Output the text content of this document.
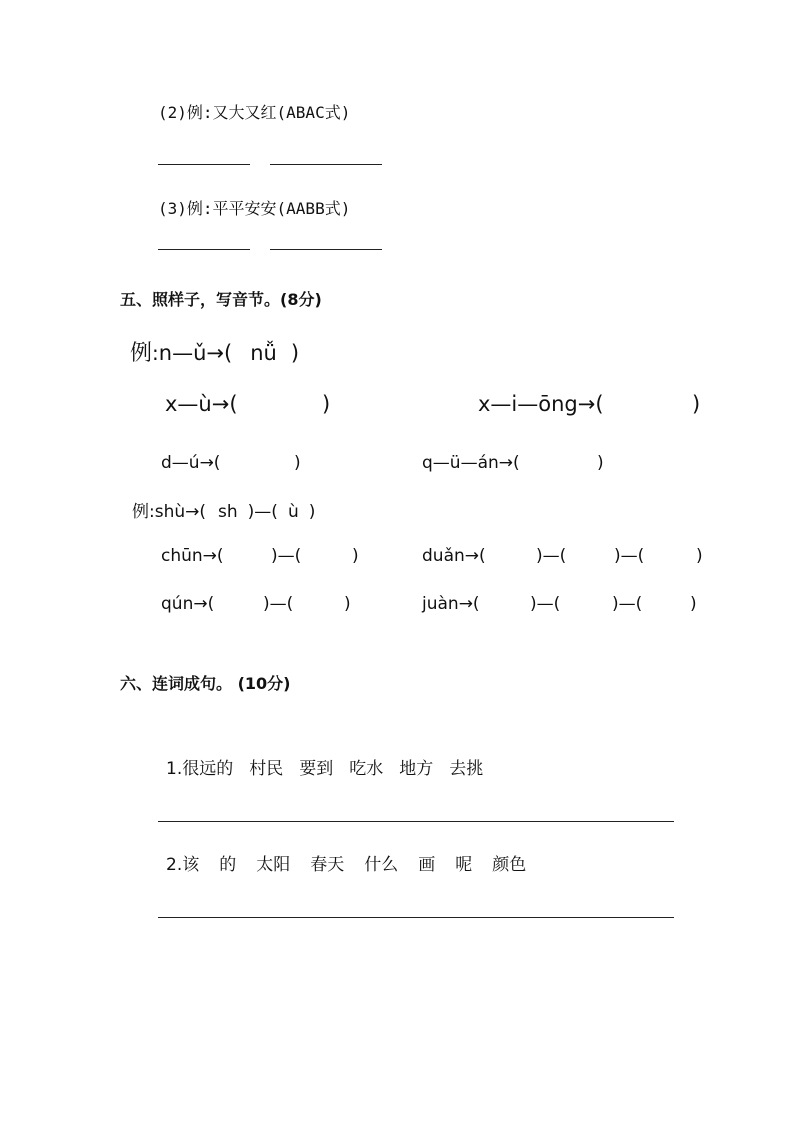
(2)例:又大又红(ABAC式)
(3)例:平平安安(AABB式)
五、照样子，写音节。(8分)
例:n—ǔ→( nǚ )
x—ù→(	)	x—i—ōng→(	)
d—ú→(	)	q—ü—án→(	)
例:shù→( sh )—( ù )
chūn→(	)—(	)	duǎn→(	)—(	)—(	)
qún→(	)—(	)	juàn→(	)—(	)—(	)
六、连词成句。 (10分)
1.很远的 村民 要到 吃水 地方 去挑
2.该 的 太阳 春天 什么 画 呢 颜色
